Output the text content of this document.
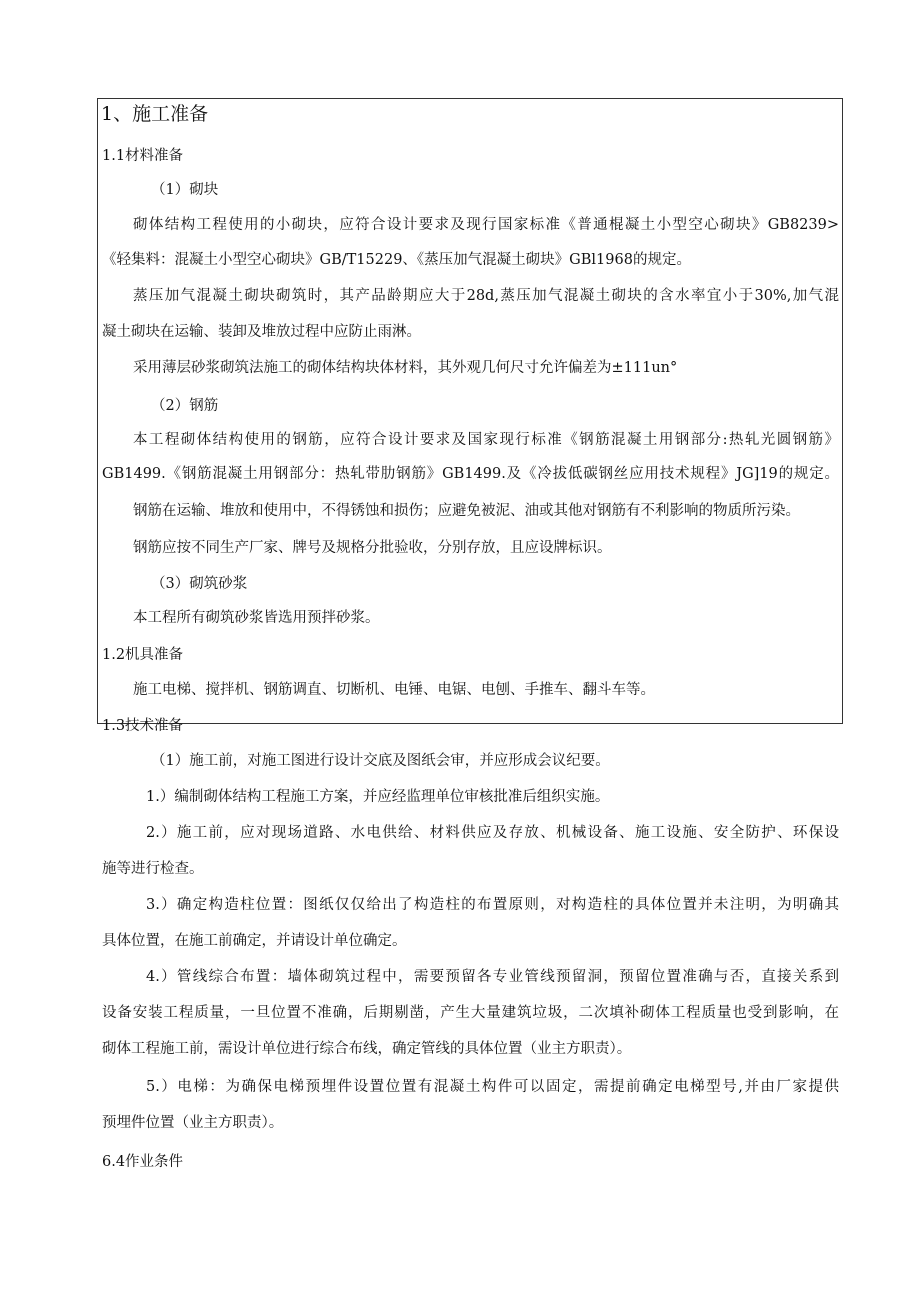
1、施工准备

1.1材料准备

（1）砌块

砌体结构工程使用的小砌块，应符合设计要求及现行国家标准《普通棍凝土小型空心砌块》GB8239>

《轻集料：混凝土小型空心砌块》GB/T15229、《蒸压加气混凝土砌块》GBl1968的规定。

蒸压加气混凝土砌块砌筑时，其产品龄期应大于28d,蒸压加气混凝土砌块的含水率宜小于30%,加气混

凝土砌块在运输、装卸及堆放过程中应防止雨淋。

采用薄层砂浆砌筑法施工的砌体结构块体材料，其外观几何尺寸允许偏差为±111un°

（2）钢筋

本工程砌体结构使用的钢筋，应符合设计要求及国家现行标准《钢筋混凝土用钢部分:热轧光圆钢筋》

GB1499.《钢筋混凝土用钢部分：热轧带肋钢筋》GB1499.及《冷拔低碳钢丝应用技术规程》JG]19的规定。

钢筋在运输、堆放和使用中，不得锈蚀和损伤；应避免被泥、油或其他对钢筋有不利影响的物质所污染。

钢筋应按不同生产厂家、牌号及规格分批验收，分别存放，且应设牌标识。

（3）砌筑砂浆

本工程所有砌筑砂浆皆选用预拌砂浆。

1.2机具准备

施工电梯、搅拌机、钢筋调直、切断机、电锤、电锯、电刨、手推车、翻斗车等。

1.3技术准备

（1）施工前，对施工图进行设计交底及图纸会审，并应形成会议纪要。

1.）编制砌体结构工程施工方案，并应经监理单位审核批准后组织实施。

2.）施工前，应对现场道路、水电供给、材料供应及存放、机械设备、施工设施、安全防护、环保设

施等进行检查。

3.）确定构造柱位置：图纸仅仅给出了构造柱的布置原则，对构造柱的具体位置并未注明，为明确其

具体位置，在施工前确定，并请设计单位确定。

4.）管线综合布置：墙体砌筑过程中，需要预留各专业管线预留洞，预留位置准确与否，直接关系到

设备安装工程质量，一旦位置不准确，后期剔凿，产生大量建筑垃圾，二次填补砌体工程质量也受到影响，在

砌体工程施工前，需设计单位进行综合布线，确定管线的具体位置（业主方职责）。

5.）电梯：为确保电梯预埋件设置位置有混凝土构件可以固定，需提前确定电梯型号,并由厂家提供

预埋件位置（业主方职责）。

6.4作业条件
